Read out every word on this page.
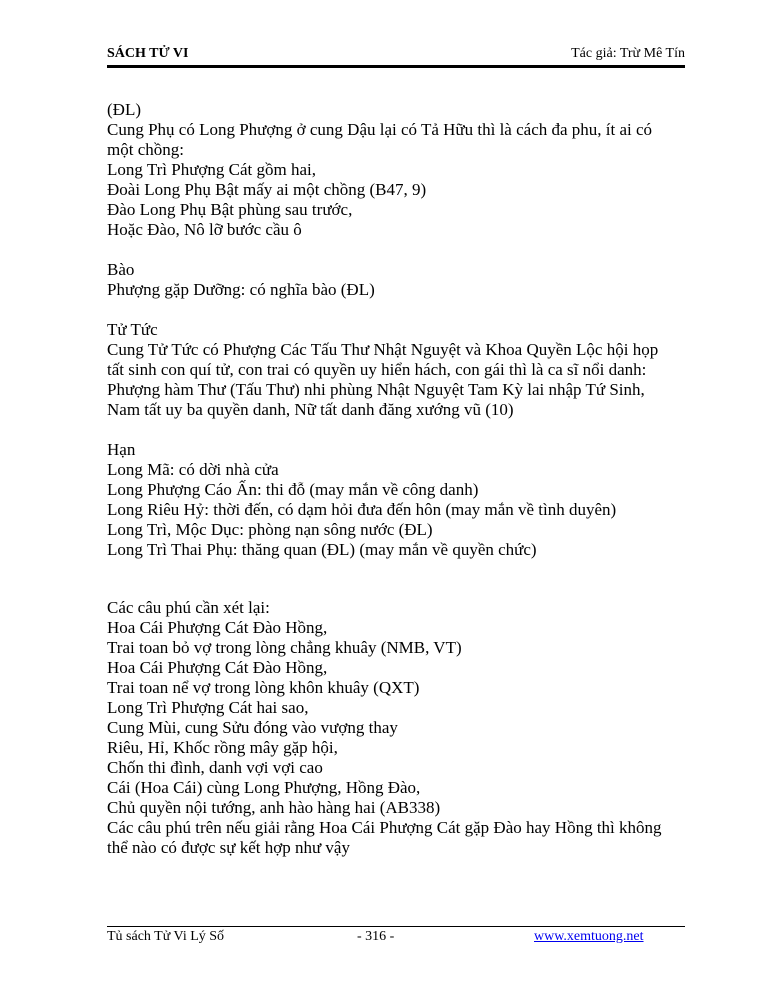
SÁCH TỬ VI	Tác giả: Trừ Mê Tín
(ĐL)
Cung Phụ có Long Phượng ở cung Dậu lại có Tả Hữu thì là cách đa phu, ít ai có
một chồng:
Long Trì Phượng Cát gồm hai,
Đoài Long Phụ Bật mấy ai một chồng (B47, 9)
Đào Long Phụ Bật phùng sau trước,
Hoặc Đào, Nô lỡ bước cầu ô
Bào
Phượng gặp Dưỡng: có nghĩa bào (ĐL)
Tử Tức
Cung Tử Tức có Phượng Các Tấu Thư Nhật Nguyệt và Khoa Quyền Lộc hội họp
tất sinh con quí tử, con trai có quyền uy hiển hách, con gái thì là ca sĩ nổi danh:
Phượng hàm Thư (Tấu Thư) nhi phùng Nhật Nguyệt Tam Kỳ lai nhập Tứ Sinh,
Nam tất uy ba quyền danh, Nữ tất danh đăng xướng vũ (10)
Hạn
Long Mã: có dời nhà cửa
Long Phượng Cáo Ấn: thi đỗ (may mắn về công danh)
Long Riêu Hỷ: thời đến, có dạm hỏi đưa đến hôn (may mắn về tình duyên)
Long Trì, Mộc Dục: phòng nạn sông nước (ĐL)
Long Trì Thai Phụ: thăng quan (ĐL) (may mắn về quyền chức)
Các câu phú cần xét lại:
Hoa Cái Phượng Cát Đào Hồng,
Trai toan bỏ vợ trong lòng chẳng khuây (NMB, VT)
Hoa Cái Phượng Cát Đào Hồng,
Trai toan nể vợ trong lòng khôn khuây (QXT)
Long Trì Phượng Cát hai sao,
Cung Mùi, cung Sửu đóng vào vượng thay
Riêu, Hỉ, Khốc rồng mây gặp hội,
Chốn thi đình, danh vợi vợi cao
Cái (Hoa Cái) cùng Long Phượng, Hồng Đào,
Chủ quyền nội tướng, anh hào hàng hai (AB338)
Các câu phú trên nếu giải rằng Hoa Cái Phượng Cát gặp Đào hay Hồng thì không
thể nào có được sự kết hợp như vậy
Tủ sách Tử Vi Lý Số	- 316 -	www.xemtuong.net
